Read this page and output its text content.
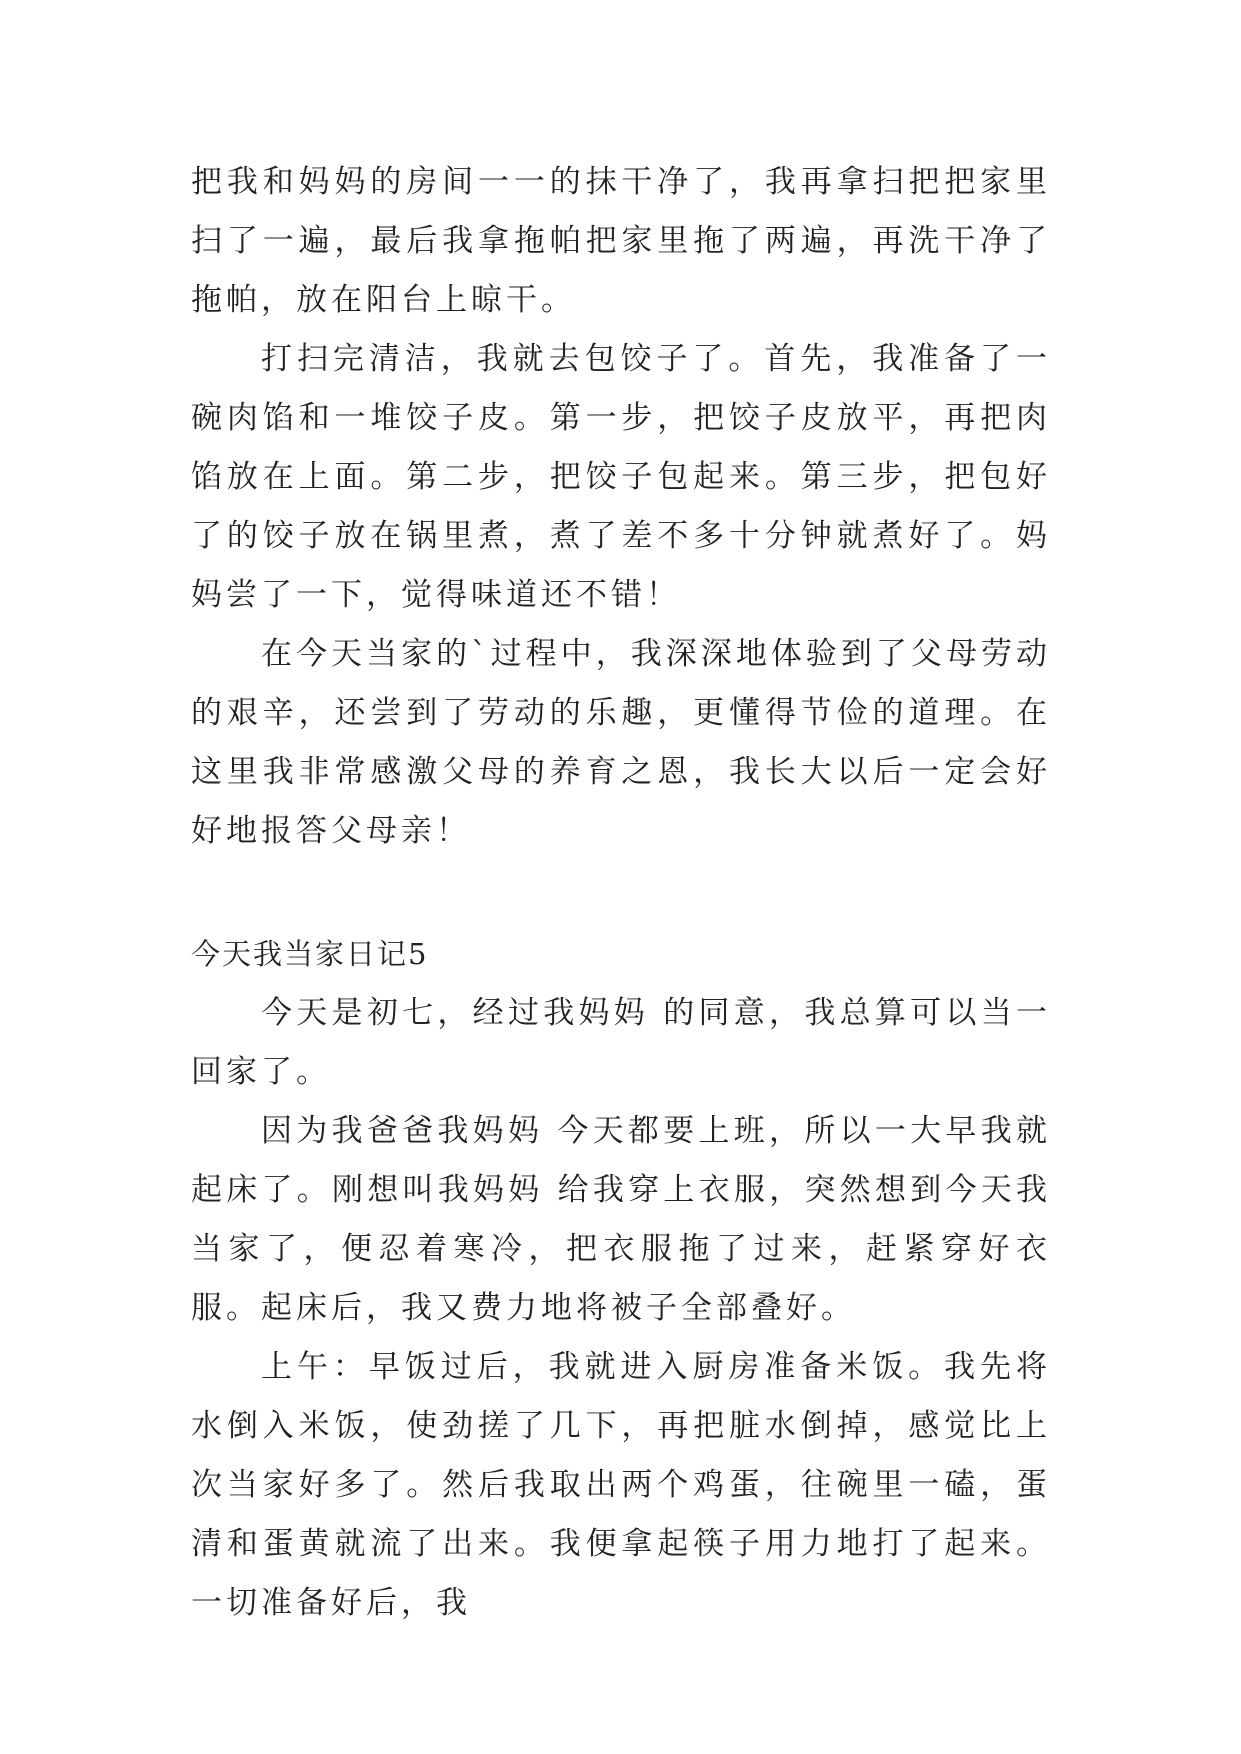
把我和妈妈的房间一一的抹干净了，我再拿扫把把家里扫了一遍，最后我拿拖帕把家里拖了两遍，再洗干净了拖帕，放在阳台上晾干。

打扫完清洁，我就去包饺子了。首先，我准备了一碗肉馅和一堆饺子皮。第一步，把饺子皮放平，再把肉馅放在上面。第二步，把饺子包起来。第三步，把包好了的饺子放在锅里煮，煮了差不多十分钟就煮好了。妈妈尝了一下，觉得味道还不错！

在今天当家的`过程中，我深深地体验到了父母劳动的艰辛，还尝到了劳动的乐趣，更懂得节俭的道理。在这里我非常感激父母的养育之恩，我长大以后一定会好好地报答父母亲！

今天我当家日记5

今天是初七，经过我妈妈 的同意，我总算可以当一回家了。

因为我爸爸我妈妈 今天都要上班，所以一大早我就起床了。刚想叫我妈妈 给我穿上衣服，突然想到今天我当家了，便忍着寒冷，把衣服拖了过来，赶紧穿好衣服。起床后，我又费力地将被子全部叠好。

上午：早饭过后，我就进入厨房准备米饭。我先将水倒入米饭，使劲搓了几下，再把脏水倒掉，感觉比上次当家好多了。然后我取出两个鸡蛋，往碗里一磕，蛋清和蛋黄就流了出来。我便拿起筷子用力地打了起来。一切准备好后，我
